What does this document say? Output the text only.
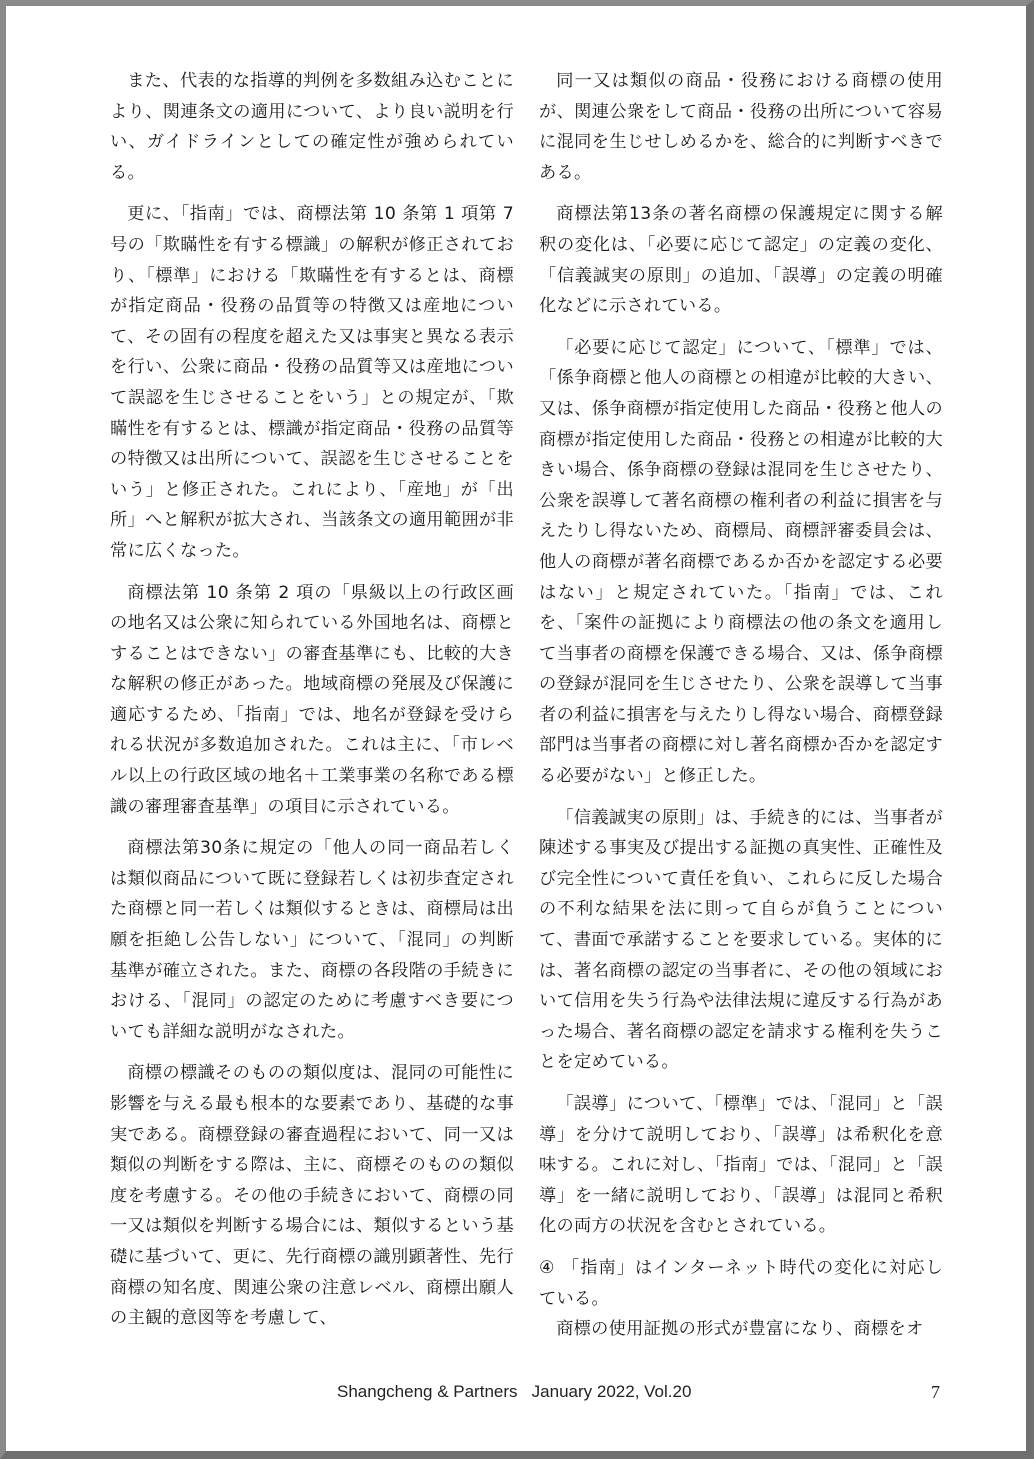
また、代表的な指導的判例を多数組み込むことにより、関連条文の適用について、より良い説明を行い、ガイドラインとしての確定性が強められている。

更に、「指南」では、商標法第 10 条第 1 項第 7 号の「欺瞞性を有する標識」の解釈が修正されており、「標準」における「欺瞞性を有するとは、商標が指定商品・役務の品質等の特徴又は産地について、その固有の程度を超えた又は事実と異なる表示を行い、公衆に商品・役務の品質等又は産地について誤認を生じさせることをいう」との規定が、「欺瞞性を有するとは、標識が指定商品・役務の品質等の特徴又は出所について、誤認を生じさせることをいう」と修正された。これにより、「産地」が「出所」へと解釈が拡大され、当該条文の適用範囲が非常に広くなった。

商標法第 10 条第 2 項の「県級以上の行政区画の地名又は公衆に知られている外国地名は、商標とすることはできない」の審査基準にも、比較的大きな解釈の修正があった。地域商標の発展及び保護に適応するため、「指南」では、地名が登録を受けられる状況が多数追加された。これは主に、「市レベル以上の行政区域の地名＋工業事業の名称である標識の審理審査基準」の項目に示されている。

商標法第30条に規定の「他人の同一商品若しくは類似商品について既に登録若しくは初歩査定された商標と同一若しくは類似するときは、商標局は出願を拒絶し公告しない」について、「混同」の判断基準が確立された。また、商標の各段階の手続きにおける、「混同」の認定のために考慮すべき要についても詳細な説明がなされた。

商標の標識そのものの類似度は、混同の可能性に影響を与える最も根本的な要素であり、基礎的な事実である。商標登録の審査過程において、同一又は類似の判断をする際は、主に、商標そのものの類似度を考慮する。その他の手続きにおいて、商標の同一又は類似を判断する場合には、類似するという基礎に基づいて、更に、先行商標の識別顕著性、先行商標の知名度、関連公衆の注意レベル、商標出願人の主観的意図等を考慮して、

同一又は類似の商品・役務における商標の使用が、関連公衆をして商品・役務の出所について容易に混同を生じせしめるかを、総合的に判断すべきである。

商標法第13条の著名商標の保護規定に関する解釈の変化は、「必要に応じて認定」の定義の変化、「信義誠実の原則」の追加、「誤導」の定義の明確化などに示されている。

「必要に応じて認定」について、「標準」では、「係争商標と他人の商標との相違が比較的大きい、又は、係争商標が指定使用した商品・役務と他人の商標が指定使用した商品・役務との相違が比較的大きい場合、係争商標の登録は混同を生じさせたり、公衆を誤導して著名商標の権利者の利益に損害を与えたりし得ないため、商標局、商標評審委員会は、他人の商標が著名商標であるか否かを認定する必要はない」と規定されていた。「指南」では、これを、「案件の証拠により商標法の他の条文を適用して当事者の商標を保護できる場合、又は、係争商標の登録が混同を生じさせたり、公衆を誤導して当事者の利益に損害を与えたりし得ない場合、商標登録部門は当事者の商標に対し著名商標か否かを認定する必要がない」と修正した。

「信義誠実の原則」は、手続き的には、当事者が陳述する事実及び提出する証拠の真実性、正確性及び完全性について責任を負い、これらに反した場合の不利な結果を法に則って自らが負うことについて、書面で承諾することを要求している。実体的には、著名商標の認定の当事者に、その他の領域において信用を失う行為や法律法規に違反する行為があった場合、著名商標の認定を請求する権利を失うことを定めている。

「誤導」について、「標準」では、「混同」と「誤導」を分けて説明しており、「誤導」は希釈化を意味する。これに対し、「指南」では、「混同」と「誤導」を一緒に説明しており、「誤導」は混同と希釈化の両方の状況を含むとされている。

④ 「指南」はインターネット時代の変化に対応している。

商標の使用証拠の形式が豊富になり、商標をオ

Shangcheng & Partners   January 2022, Vol.20	7
